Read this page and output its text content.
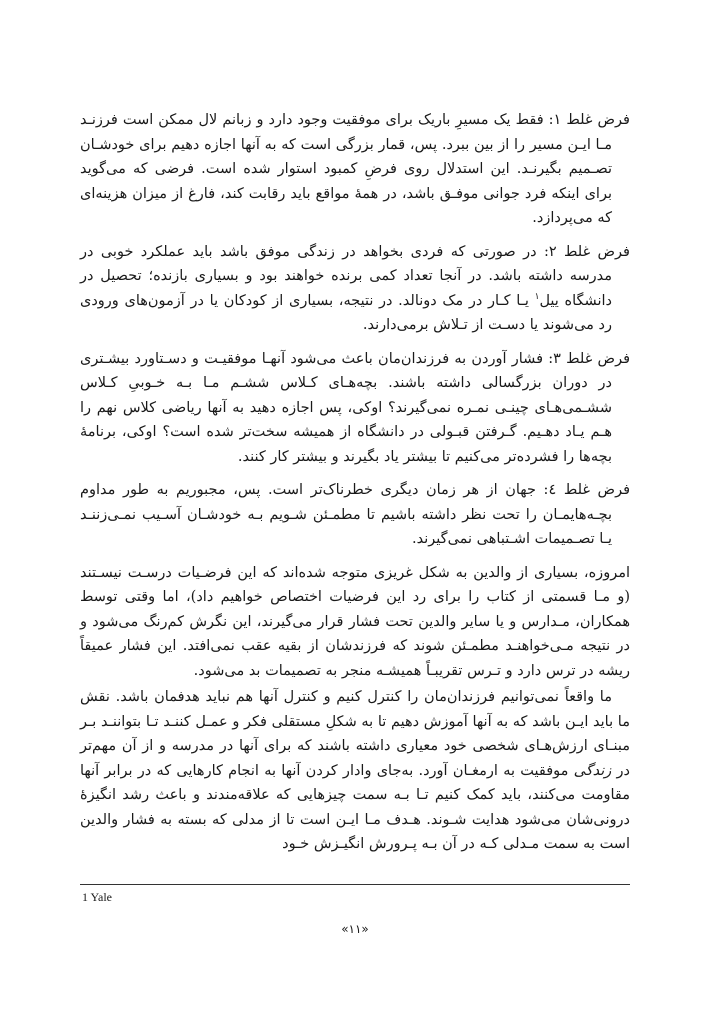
فرض غلط ۱: فقط یک مسیرِ باریک برای موفقیت وجود دارد و زبانم لال ممکن است فرزنـد مـا ایـن مسیر را از بین ببرد. پس، قمار بزرگی است که به آنها اجازه دهیم برای خودشـان تصـمیم بگیرنـد. این استدلال روی فرضِ کمبود استوار شده است. فرضی که می‌گوید برای اینکه فرد جوانی موفـق باشد، در همهٔ مواقع باید رقابت کند، فارغ از میزان هزینه‌ای که می‌پردازد.

فرض غلط ۲: در صورتی که فردی بخواهد در زندگی موفق باشد باید عملکرد خوبی در مدرسه داشته باشد. در آنجا تعداد کمی برنده خواهند بود و بسیاری بازنده؛ تحصیل در دانشگاه ییل$^۱$ یـا کـار در مک دونالد. در نتیجه، بسیاری از کودکان یا در آزمون‌های ورودی رد می‌شوند یا دسـت از تـلاش برمی‌دارند.

فرض غلط ۳: فشار آوردن به فرزندان‌مان باعث می‌شود آنهـا موفقیـت و دسـتاورد بیشـتری در دوران بزرگسالی داشته باشند. بچه‌هـای کـلاس ششـم مـا بـه خـوبیِ کـلاس ششـمی‌هـای چینـی نمـره نمی‌گیرند؟ اوکی، پس اجازه دهید به آنها ریاضی کلاس نهم را هـم یـاد دهـیم. گـرفتن قبـولی در دانشگاه از همیشه سخت‌تر شده است؟ اوکی، برنامهٔ بچه‌ها را فشرده‌تر می‌کنیم تا بیشتر یاد بگیرند و بیشتر کار کنند.

فرض غلط ٤: جهان از هر زمان دیگری خطرناک‌تر است. پس، مجبوریم به طور مداوم بچـه‌هایمـان را تحت نظر داشته باشیم تا مطمـئن شـویم بـه خودشـان آسـیب نمـی‌زننـد یـا تصـمیمات اشـتباهی نمی‌گیرند.

امروزه، بسیاری از والدین به شکل غریزی متوجه شده‌اند که این فرضـیات درسـت نیسـتند (و مـا قسمتی از کتاب را برای رد این فرضیات اختصاص خواهیم داد)، اما وقتی توسط همکاران، مـدارس و یا سایر والدین تحت فشار قرار می‌گیرند، این نگرش کم‌رنگ می‌شود و در نتیجه مـی‌خواهنـد مطمـئن شوند که فرزندشان از بقیه عقب نمی‌افتد. این فشار عمیقاً ریشه در ترس دارد و تـرس تقریبـاً همیشـه منجر به تصمیمات بد می‌شود.

ما واقعاً نمی‌توانیم فرزندان‌مان را کنترل کنیم و کنترل آنها هم نباید هدفمان باشد. نقش ما باید ایـن باشد که به آنها آموزش دهیم تا به شکلِ مستقلی فکر و عمـل کننـد تـا بتواننـد بـر مبنـای ارزش‌هـای شخصی خود معیاری داشته باشند که برای آنها در مدرسه و از آن مهم‌تر در زندگی موفقیت به ارمغـان آورد. به‌جای وادار کردن آنها به انجام کارهایی که در برابر آنها مقاومت می‌کنند، باید کمک کنیم تـا بـه سمت چیزهایی که علاقه‌مندند و باعث رشد انگیزهٔ درونی‌شان می‌شود هدایت شـوند. هـدف مـا ایـن است تا از مدلی که بسته به فشار والدین است به سمت مـدلی کـه در آن بـه پـرورش انگیـزش خـود

1 Yale
«۱۱»
